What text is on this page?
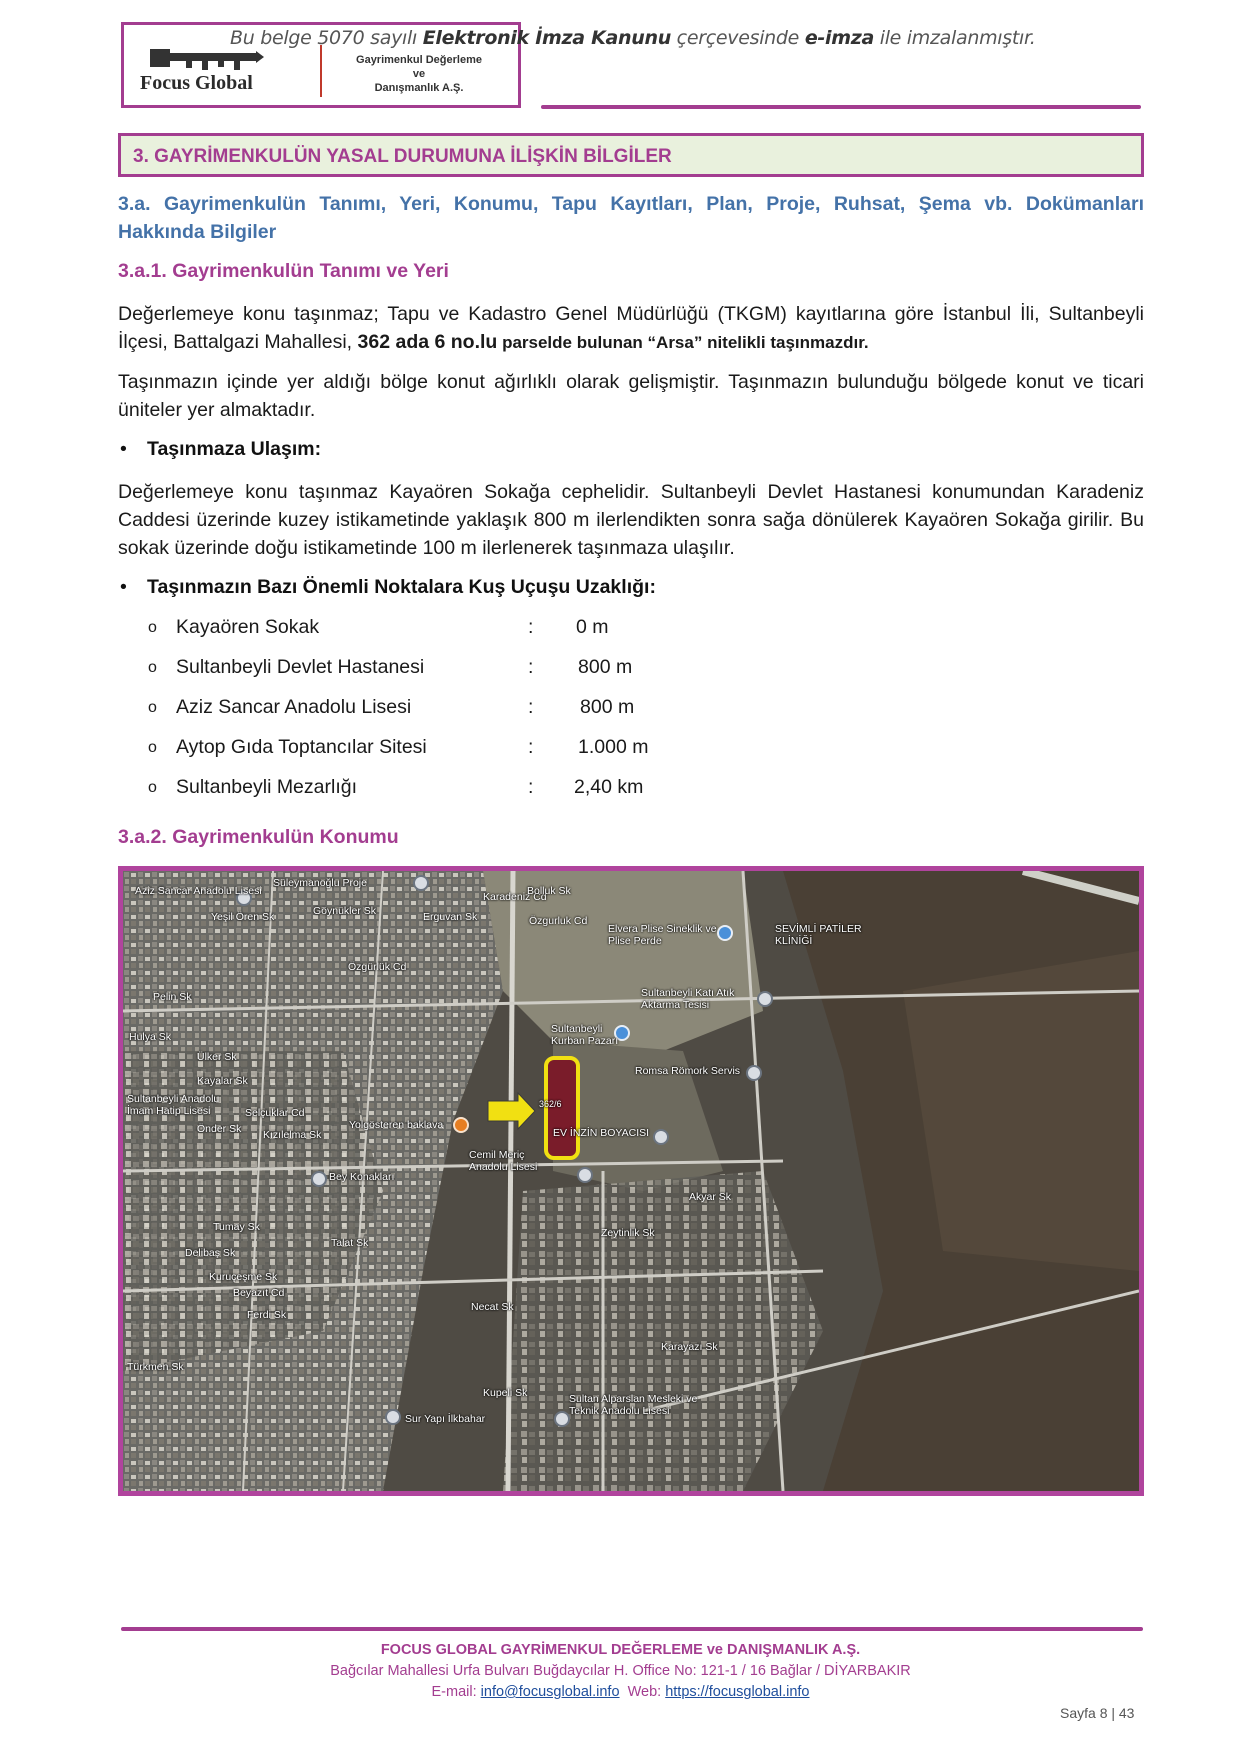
Focus Global
Gayrimenkul Değerleme
ve
Danışmanlık A.Ş.
Bu belge 5070 sayılı Elektronik İmza Kanunu çerçevesinde e-imza ile imzalanmıştır.
3. GAYRİMENKULÜN YASAL DURUMUNA İLİŞKİN BİLGİLER
3.a. Gayrimenkulün Tanımı, Yeri, Konumu, Tapu Kayıtları, Plan, Proje, Ruhsat, Şema vb. Dokümanları
Hakkında Bilgiler
3.a.1. Gayrimenkulün Tanımı ve Yeri
Değerlemeye konu taşınmaz; Tapu ve Kadastro Genel Müdürlüğü (TKGM) kayıtlarına göre İstanbul İli, Sultanbeyli
İlçesi, Battalgazi Mahallesi, 362 ada 6 no.lu parselde bulunan “Arsa” nitelikli taşınmazdır.
Taşınmazın içinde yer aldığı bölge konut ağırlıklı olarak gelişmiştir. Taşınmazın bulunduğu bölgede konut ve ticari üniteler yer almaktadır.
• Taşınmaza Ulaşım:
Değerlemeye konu taşınmaz Kayaören Sokağa cephelidir. Sultanbeyli Devlet Hastanesi konumundan Karadeniz Caddesi üzerinde kuzey istikametinde yaklaşık 800 m ilerlendikten sonra sağa dönülerek Kayaören Sokağa girilir. Bu sokak üzerinde doğu istikametinde 100 m ilerlenerek taşınmaza ulaşılır.
• Taşınmazın Bazı Önemli Noktalara Kuş Uçuşu Uzaklığı:
o Kayaören Sokak	: 0 m
o Sultanbeyli Devlet Hastanesi	: 800 m
o Aziz Sancar Anadolu Lisesi	: 800 m
o Aytop Gıda Toptancılar Sitesi	: 1.000 m
o Sultanbeyli Mezarlığı	: 2,40 km
3.a.2. Gayrimenkulün Konumu
Aziz Sancar Anadolu Lisesi
Süleymanoğlu Proje
Yeşil Ören Sk	Göynükler Sk	Erguvan Sk	Özgurluk Cd
Özgürlük Cd
Karadeniz Cd
Bolluk Sk
Elvera Plise Sineklik ve Plise Perde
SEVİMLİ PATİLER KLİNİĞİ
Sultanbeyli Katı Atık Aktarma Tesisi
Sultanbeyli Kurban Pazarı
Romsa Römork Servis
362/6
EV İNZİN BOYACISI
Yolgösteren baklava
Cemil Meriç Anadolu Lisesi
Bey Konakları
Ülker Sk
Kayalar Sk
Sultanbeyli Anadolu İmam Hatip Lisesi
Önder Sk Kızılelma Sk
Tumay Sk
Kuruçeşme Sk
Beyazıt Cd
Ferdi Sk
Necat Sk
Kupeli Sk	Sultan Alparslan Mesleki ve Teknik Anadolu Lisesi
Sur Yapı İlkbahar
Karayazı Sk
Akyar Sk
Zeytinlik Sk
Türkmen Sk
Hulya Sk
Pelin Sk
Selçuklar Cd
Talat Sk
Delibaş Sk
FOCUS GLOBAL GAYRİMENKUL DEĞERLEME ve DANIŞMANLIK A.Ş.
Bağcılar Mahallesi Urfa Bulvarı Buğdaycılar H. Office No: 121-1 / 16 Bağlar / DİYARBAKIR
E-mail: info@focusglobal.info  Web: https://focusglobal.info
Sayfa 8 | 43
